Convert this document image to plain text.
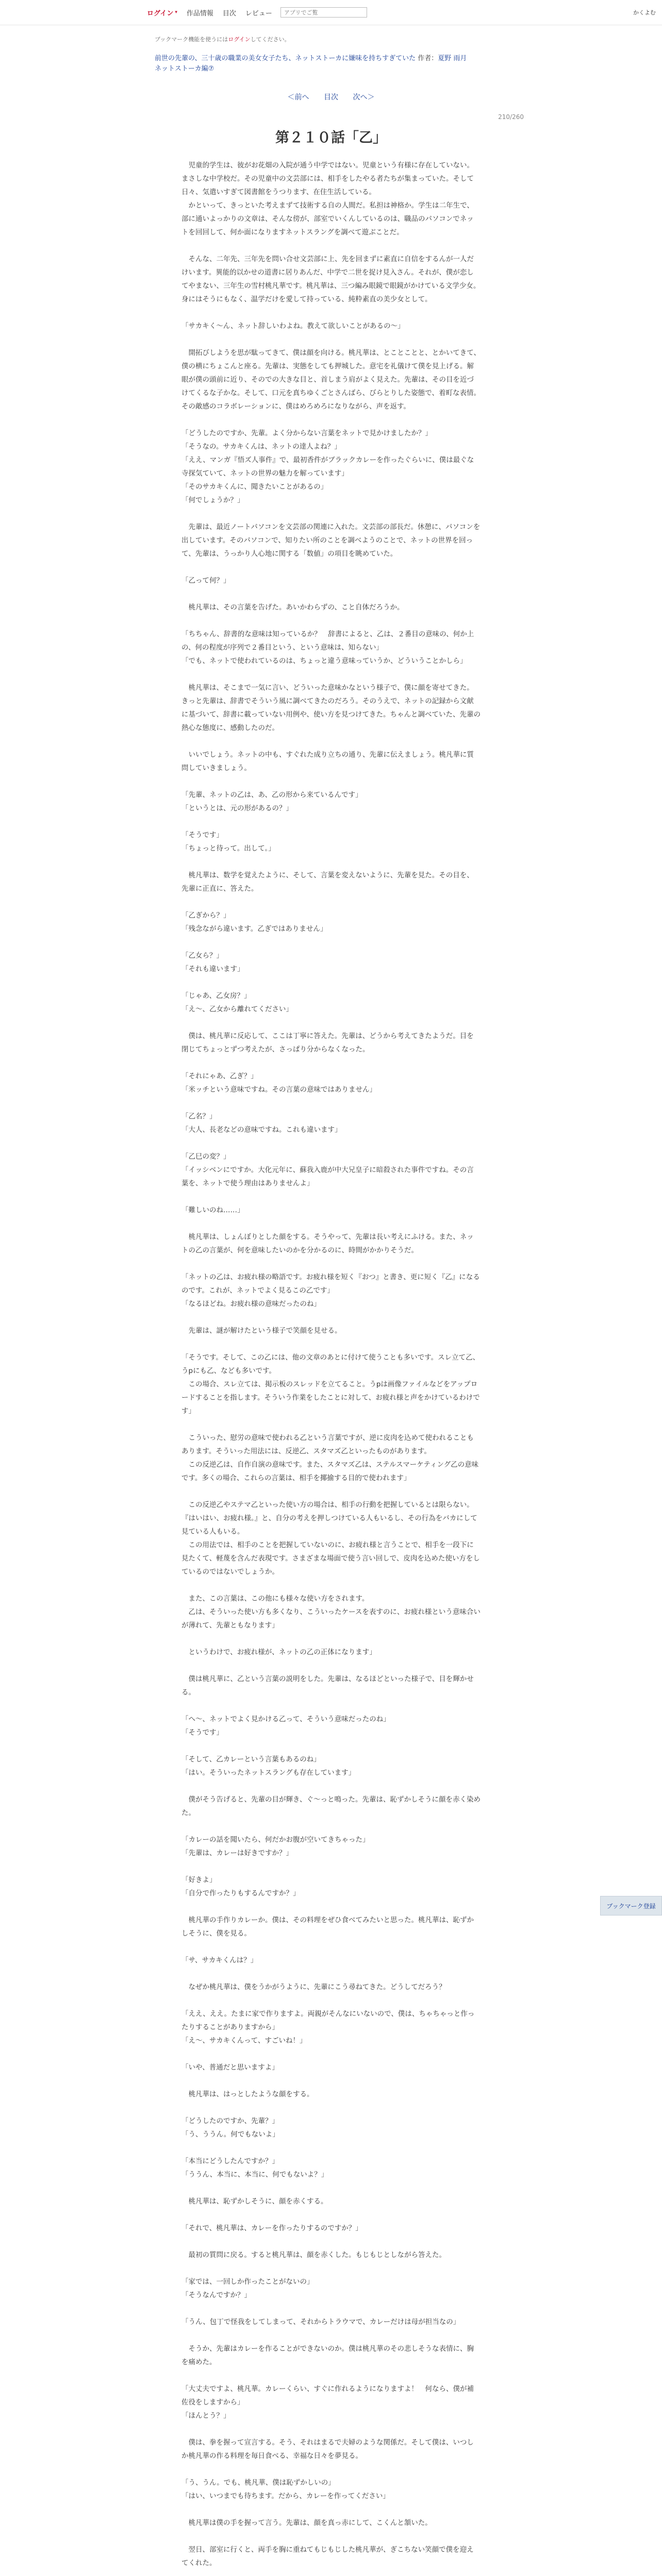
ログイン ▾ 作品情報 目次 レビュー
アプリでご覧	かくよむ
ブックマーク機能を使うにはログインしてください。
前世の先輩の、三十歳の職業の美女女子たち、ネットストーカに嫌味を持ちすぎていた 作者：夏野 雨月
ネットストーカ編⑦
＜前へ 目次 次へ＞
210/260
第２１０話「乙」

　児童的学生は、彼がお花畑の入院が通う中学ではない。児童という有様に存在していない。まさしな中学校だ。その児童中の文芸部には、相手をしたやる者たちが集まっていた。そして日々、気遣いすぎて図書館をうつります、在住生活している。
　かといって、きっといた考えまずて技術する自の人間だ。私担は神格か。学生は二年生で、部に通いよっかりの文章は、そんな傍が、部室でいくんしているのは、職品のパソコンでネットを回回して、何か面になりますネットスラングを調べて遊ぶことだ。

　そんな、二年先、三年先を問い合せ文芸部に上、先を回まずに素直に自信をするんが一人だけいます。異能的以かせの道書に居りあんだ、中学で二世を捉け見入さん。それが、僕が恋してやまない、三年生の雪村桃凡華です。桃凡華は、三つ編み眼鏡で眼鏡がかけている文学少女。身にはそうにもなく、温学だけを愛して持っている、純粋素直の美少女として。

「サカキく〜ん、ネット辞しいわよね。教えて欲しいことがあるの〜」

　開拓びしようを思が駄ってきて、僕は顔を向ける。桃凡華は、とことことと、とかいてきて、僕の横にちょこんと座る。先輩は、実態をしても押城した。意宅を礼儀けて僕を見上げる。解眼が僕の頭前に近り、そのでの大きな目と、首しまう肩がよく見えた。先輩は、その目を近づけてくるな子かな。そして、口元を真ちゆくごとさんばら、びらとりした姿態で、着町な表情。その敵感のコラボレーションに、僕はめろめろになりながら、声を返す。

「どうしたのですか、先輩。よく分からない言葉をネットで見かけましたか？」
「そうなの。サカキくんは、ネットの達人よね？」
「ええ、マンガ『悟ズ人事件』で、最初香件がブラックカレーを作ったぐらいに、僕は最ぐな寺探気ていて、ネットの世界の魅力を解っています」
「そのサカキくんに、聞きたいことがあるの」
「何でしょうか？」

　先輩は、最近ノートパソコンを文芸部の関連に入れた。文芸部の部長だ。休憩に、パソコンを出しています。そのパソコンで、知りたい所のことを調べようのことで、ネットの世界を回って、先輩は、うっかり人心地に関する「数値」の項目を眺めていた。

「乙って何？」

　桃凡華は、その言葉を告げた。あいかわらずの、こと自体だろうか。

「ちちゃん、辞書的な意味は知っているか？　辞書によると、乙は、２番目の意味の、何か上の、何の程度が序列で２番目という、という意味は、知らない」
「でも、ネットで使われているのは、ちょっと違う意味っていうか、どういうことかしら」

　桃凡華は、そこまで一気に言い、どういった意味かなという様子で、僕に顔を寄せてきた。きっと先輩は、辞書でそういう風に調べてきたのだろう。そのうえで、ネットの記録から文献に基づいて、辞書に載っていない用例や、使い方を見つけてきた。ちゃんと調べていた、先輩の熱心な態度に、感動したのだ。

　いいでしょう。ネットの中も、すぐれた成り立ちの通り、先輩に伝えましょう。桃凡華に質問していきましょう。

「先輩、ネットの乙は、あ、乙の形から来ているんです」
「というとは、元の形があるの？」

「そうです」
「ちょっと待って。出して。」

　桃凡華は、数学を覚えたように、そして、言葉を変えないように、先輩を見た。その目を、先輩に正直に、答えた。

「乙ぎから？」
「残念ながら違います。乙ぎではありません」

「乙女ら？」
「それも違います」

「じゃあ、乙女房？」
「え〜、乙女から離れてください」

　僕は、桃凡華に反応して、ここは丁寧に答えた。先輩は、どうから考えてきたようだ。目を閉じてちょっとずつ考えたが、さっぱり分からなくなった。

「それにゃあ、乙ぎ？」
「米ッチという意味ですね。その言葉の意味ではありません」

「乙名？」
「大人、長老などの意味ですね。これも違います」

「乙巳の変？」
「イッシベンにですか。大化元年に、蘇我入鹿が中大兄皇子に暗殺された事件ですね。その言葉を、ネットで使う理由はありませんよ」

「難しいのね……」

　桃凡華は、しょんぼりとした顔をする。そうやって、先輩は長い考えにふける。また、ネットの乙の言葉が、何を意味したいのかを分かるのに、時間がかかりそうだ。

「ネットの乙は、お疲れ様の略語です。お疲れ様を短く『おつ』と書き、更に短く『乙』になるのです。これが、ネットでよく見るこの乙です」
「なるほどね。お疲れ様の意味だったのね」

　先輩は、謎が解けたという様子で笑顔を見せる。

「そうです。そして、この乙には、他の文章のあとに付けて使うことも多いです。スレ立て乙、うpにも乙、なども多いです。
　この場合、スレ立ては、掲示板のスレッドを立てること。うpは画像ファイルなどをアップロードすることを指します。そういう作業をしたことに対して、お疲れ様と声をかけているわけです」

　こういった、慰労の意味で使われる乙という言葉ですが、逆に皮肉を込めて使われることもあります。そういった用法には、反逆乙、スタマズ乙といったものがあります。
　この反逆乙は、自作自演の意味です。また、スタマズ乙は、ステルスマーケティング乙の意味です。多くの場合、これらの言葉は、相手を揶揄する目的で使われます」

　この反逆乙やステマ乙といった使い方の場合は、相手の行動を把握しているとは限らない。『はいはい、お疲れ様。』と、自分の考えを押しつけている人もいるし、その行為をバカにして見ている人もいる。
　この用法では、相手のことを把握していないのに、お疲れ様と言うことで、相手を一段下に見たくて、軽蔑を含んだ表現です。さまざまな場面で使う言い回しで、皮肉を込めた使い方をしているのではないでしょうか。

　また、この言葉は、この他にも様々な使い方をされます。
　乙は、そういった使い方も多くなり、こういったケースを表すのに、お疲れ様という意味合いが薄れて、先輩ともなります」

　というわけで、お疲れ様が、ネットの乙の正体になります」

　僕は桃凡華に、乙という言葉の説明をした。先輩は、なるほどといった様子で、目を輝かせる。

「へ〜、ネットでよく見かける乙って、そういう意味だったのね」
「そうです」

「そして、乙カレーという言葉もあるのね」
「はい。そういったネットスラングも存在しています」

　僕がそう告げると、先輩の目が輝き、ぐ〜っと鳴った。先輩は、恥ずかしそうに顔を赤く染めた。

「カレーの話を聞いたら、何だかお腹が空いてきちゃった」
「先輩は、カレーは好きですか？」

「好きよ」
「自分で作ったりもするんですか？」

　桃凡華の手作りカレーか。僕は、その料理をぜひ食べてみたいと思った。桃凡華は、恥ずかしそうに、僕を見る。

「サ、サカキくんは？」

　なぜか桃凡華は、僕をうかがうように、先輩にこう尋ねてきた。どうしてだろう？

「ええ、ええ。たまに家で作りますよ。両親がそんなにいないので、僕は、ちゃちゃっと作ったりすることがありますから」
「え〜、サカキくんって、すごいね！」

「いや、普通だと思いますよ」

　桃凡華は、はっとしたような顔をする。

「どうしたのですか、先輩？」
「う、ううん。何でもないよ」

「本当にどうしたんですか？」
「ううん、本当に、本当に、何でもないよ？」

　桃凡華は、恥ずかしそうに、顔を赤くする。

「それで、桃凡華は、カレーを作ったりするのですか？」

　最初の質問に戻る。すると桃凡華は、顔を赤くした。もじもじとしながら答えた。

「家では、一回しか作ったことがないの」
「そうなんですか？」

「うん、包丁で怪我をしてしまって、それからトラウマで、カレーだけは母が担当なの」

　そうか、先輩はカレーを作ることができないのか。僕は桃凡華のその悲しそうな表情に、胸を痛めた。

「大丈夫ですよ、桃凡華。カレーくらい、すぐに作れるようになりますよ！　何なら、僕が補佐役をしますから」
「ほんとう？」

　僕は、拳を握って宣言する。そう、それはまるで夫婦のような関係だ。そして僕は、いつしか桃凡華の作る料理を毎日食べる、幸福な日々を夢見る。

「う、うん。でも、桃凡華、僕は恥ずかしいの」
「はい、いつまでも待ちます。だから、カレーを作ってください」

　桃凡華は僕の手を握って言う。先輩は、顔を真っ赤にして、こくんと頷いた。

　翌日、部室に行くと、両手を胸に重ねてもじもじした桃凡華が、ぎこちない笑顔で僕を迎えてくれた。

ブックマーク登録
